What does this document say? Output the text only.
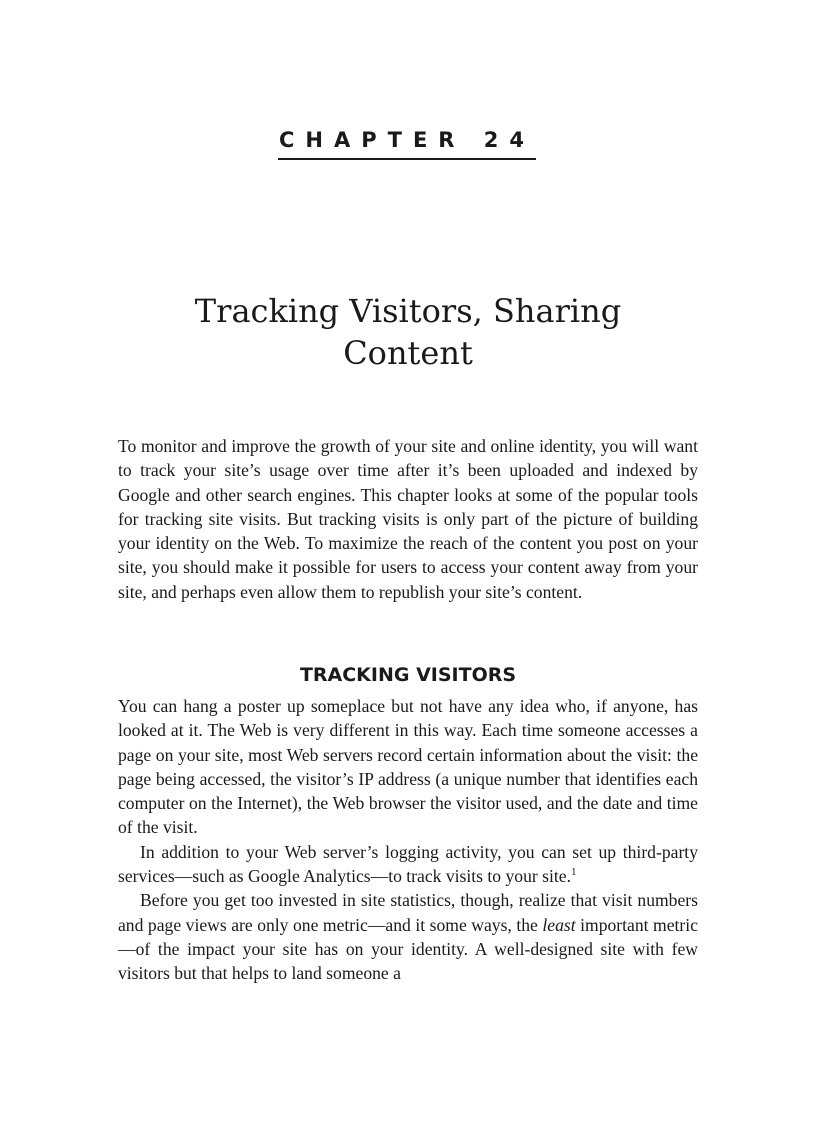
CHAPTER 24
Tracking Visitors, Sharing
Content

To monitor and improve the growth of your site and online identity, you will want to track your site’s usage over time after it’s been uploaded and indexed by Google and other search engines. This chapter looks at some of the popular tools for tracking site visits. But tracking visits is only part of the picture of building your identity on the Web. To maximize the reach of the content you post on your site, you should make it possible for users to access your content away from your site, and perhaps even allow them to republish your site’s content.

TRACKING VISITORS

You can hang a poster up someplace but not have any idea who, if anyone, has looked at it. The Web is very different in this way. Each time someone accesses a page on your site, most Web servers record certain information about the visit: the page being accessed, the visitor’s IP address (a unique number that identifies each computer on the Internet), the Web browser the visitor used, and the date and time of the visit.

In addition to your Web server’s logging activity, you can set up third-party services—such as Google Analytics—to track visits to your site.$^1$

Before you get too invested in site statistics, though, realize that visit numbers and page views are only one metric—and it some ways, the least important metric—of the impact your site has on your identity. A well-designed site with few visitors but that helps to land someone a
